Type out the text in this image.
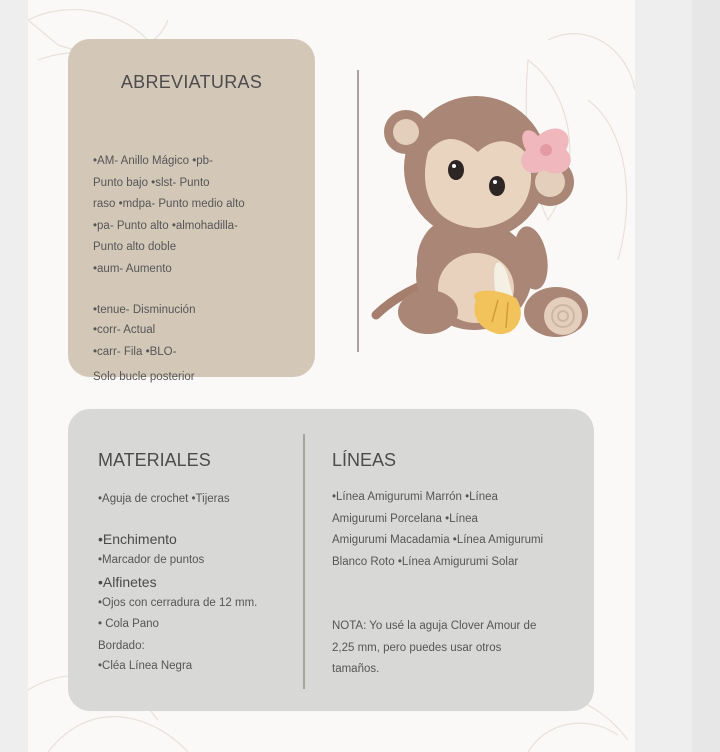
ABREVIATURAS
•AM- Anillo Mágico •pb-
Punto bajo •slst- Punto
raso •mdpa- Punto medio alto
•pa- Punto alto •almohadilla-
Punto alto doble
•aum- Aumento
•tenue- Disminución
•corr- Actual
•carr- Fila •BLO-
Solo bucle posterior
MATERIALES
•Aguja de crochet •Tijeras
•Enchimento
•Marcador de puntos
•Alfinetes
•Ojos con cerradura de 12 mm.
• Cola Pano
Bordado:
•Cléa Línea Negra
LÍNEAS
•Línea Amigurumi Marrón •Línea
Amigurumi Porcelana •Línea
Amigurumi Macadamia •Línea Amigurumi
Blanco Roto •Línea Amigurumi Solar
NOTA: Yo usé la aguja Clover Amour de
2,25 mm, pero puedes usar otros
tamaños.
